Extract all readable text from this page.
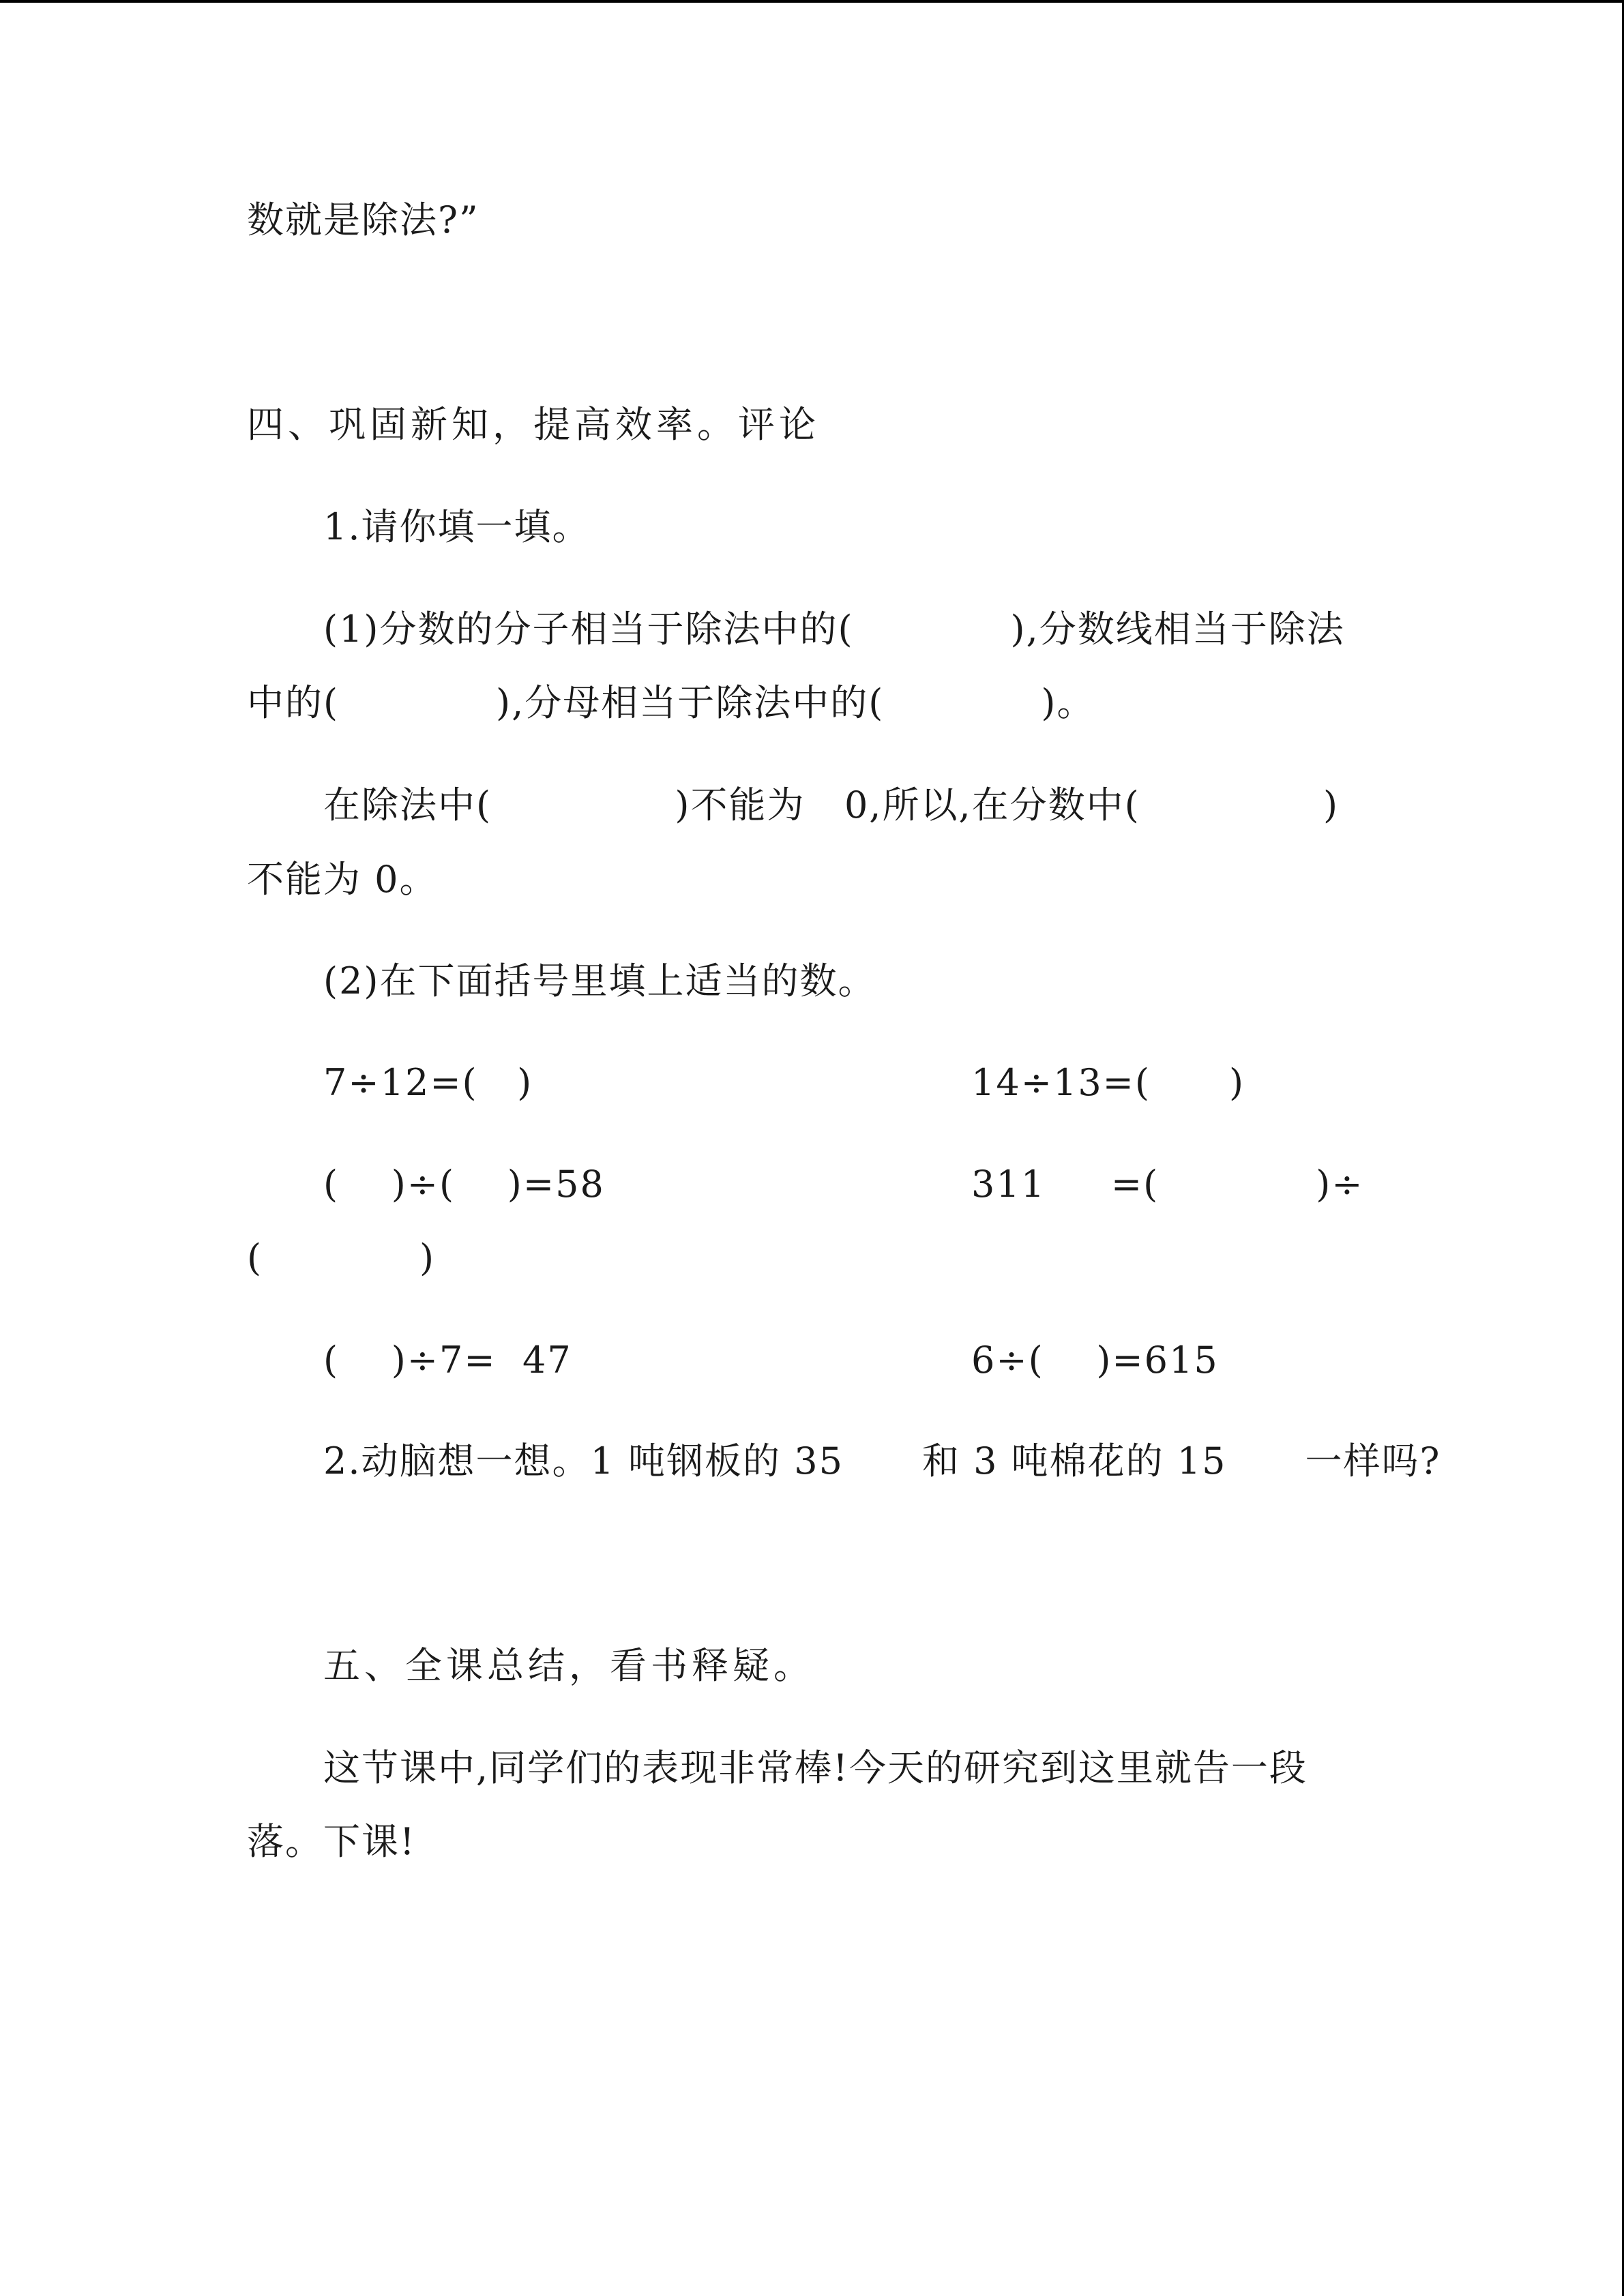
数就是除法?”
四、巩固新知，提高效率。评论
1.请你填一填。
(1)分数的分子相当于除法中的(            ),分数线相当于除法
中的(            ),分母相当于除法中的(            )。
在除法中(              )不能为   0,所以,在分数中(              )
不能为 0。
(2)在下面括号里填上适当的数。
7÷12=(   )	14÷13=(      )
(    )÷(    )=58	311     =(            )÷
(            )
(    )÷7=  47	6÷(    )=615
2.动脑想一想。1 吨钢板的 35      和 3 吨棉花的 15      一样吗?
五、全课总结，看书释疑。
这节课中,同学们的表现非常棒!今天的研究到这里就告一段
落。下课!
